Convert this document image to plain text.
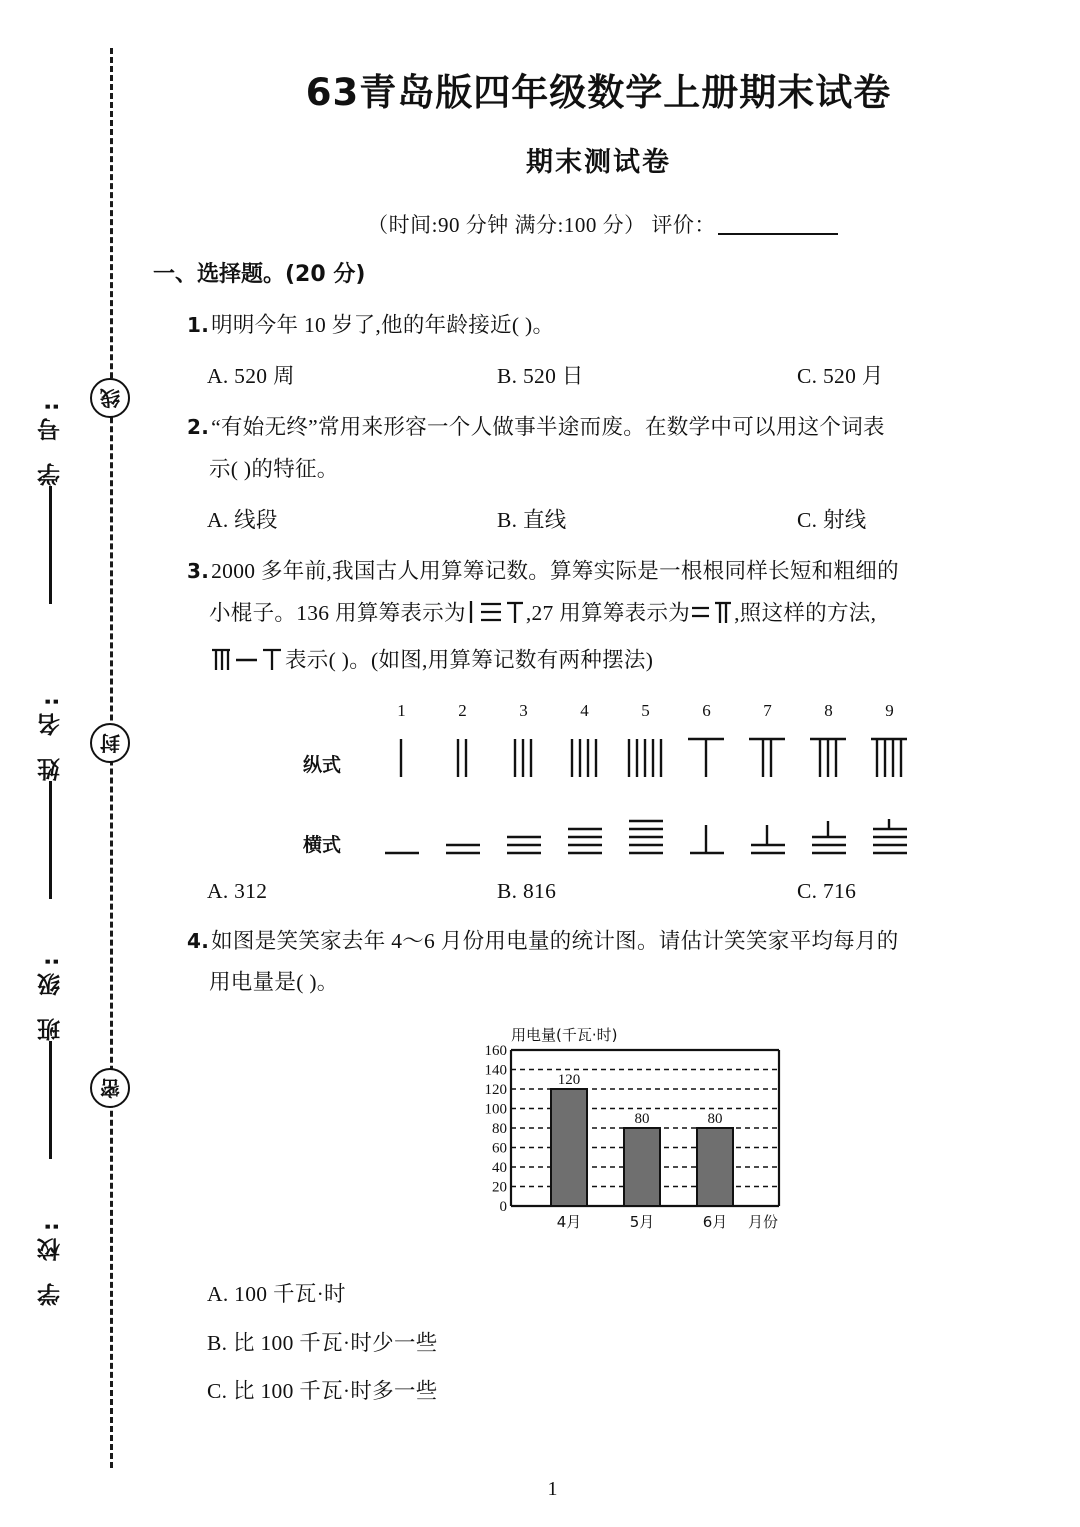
线
封
密
学 号:
姓 名:
班 级:
学 校:
63青岛版四年级数学上册期末试卷
期末测试卷
（时间:90 分钟 满分:100 分） 评价：
一、选择题。(20 分)
1.明明今年 10 岁了,他的年龄接近( )。
A. 520 周	B. 520 日	C. 520 月
2.“有始无终”常用来形容一个人做事半途而废。在数学中可以用这个词表
示( )的特征。
A. 线段	B. 直线	C. 射线
3.2000 多年前,我国古人用算筹记数。算筹实际是一根根同样长短和粗细的
小棍子。136 用算筹表示为	,27 用算筹表示为 ,照这样的方法,
表示( )。(如图,用算筹记数有两种摆法)
1	2	3	4	5	6	7	8	9
纵式
横式
A. 312	B. 816	C. 716
4.如图是笑笑家去年 4～6 月份用电量的统计图。请估计笑笑家平均每月的
用电量是( )。
用电量(千瓦·时)
160
140
120
100
80
60
40
20
0
120
80	80
4月	5月	6月 月份
A. 100 千瓦·时
B. 比 100 千瓦·时少一些
C. 比 100 千瓦·时多一些
1
